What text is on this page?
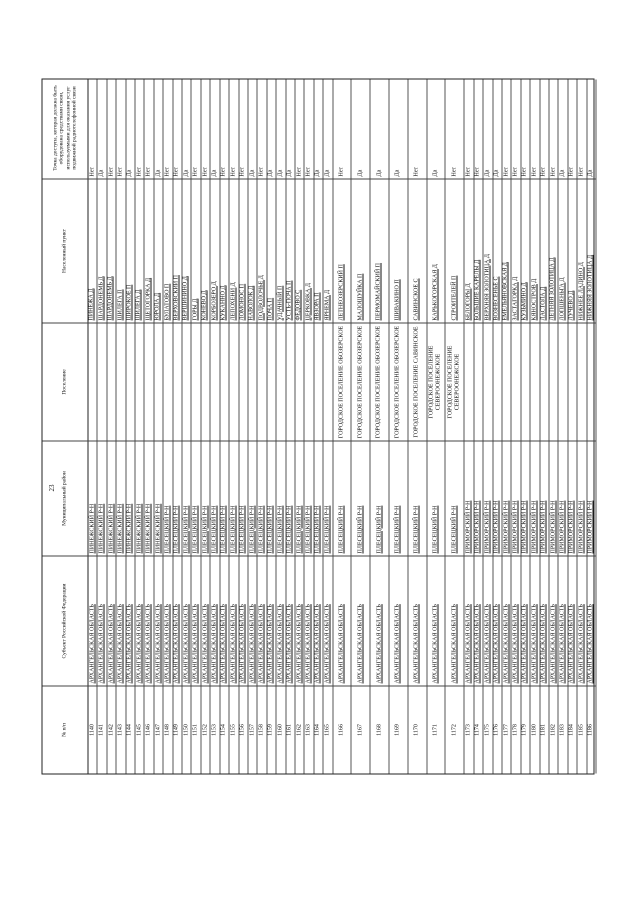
23
№ п/п
Субъект Российской Федерации
Муниципальный район
Поселение
Населенный пункт
Точка доступа, которая должна быть оборудована средствами связи, используемыми для оказания услуг подвижной радиотелефонной связи
1140
АРХАНГЕЛЬСКАЯ ОБЛАСТЬ
ПИНЕЖСКИЙ Р-Н
ПИНЕЖА Д
Нет
1141
АРХАНГЕЛЬСКАЯ ОБЛАСТЬ
ПИНЕЖСКИЙ Р-Н
ШАРДОНЕМЬ Д
Да
1142
АРХАНГЕЛЬСКАЯ ОБЛАСТЬ
ПИНЕЖСКИЙ Р-Н
ШАРДОНЕМЬ Д
Нет
1143
АРХАНГЕЛЬСКАЯ ОБЛАСТЬ
ПИНЕЖСКИЙ Р-Н
ШИЛЕГА П
Нет
1144
АРХАНГЕЛЬСКАЯ ОБЛАСТЬ
ПИНЕЖСКИЙ Р-Н
ШИРОКОЕ П
Да
1145
АРХАНГЕЛЬСКАЯ ОБЛАСТЬ
ПИНЕЖСКИЙ Р-Н
ШИЛЕГА Д
Нет
1146
АРХАНГЕЛЬСКАЯ ОБЛАСТЬ
ПИНЕЖСКИЙ Р-Н
ЩЕТОГОРКА Д
Нет
1147
АРХАНГЕЛЬСКАЯ ОБЛАСТЬ
ПИНЕЖСКИЙ Р-Н
ЮРОЛА Д
Да
1148
АРХАНГЕЛЬСКАЯ ОБЛАСТЬ
ПЛЕСЕЦКИЙ Р-Н
БУЛАТОВО П
Нет
1149
АРХАНГЕЛЬСКАЯ ОБЛАСТЬ
ПЛЕСЕЦКИЙ Р-Н
ВЕРХОВСКИЙ П
Нет
1150
АРХАНГЕЛЬСКАЯ ОБЛАСТЬ
ПЛЕСЕЦКИЙ Р-Н
ВЕРШИНИНО Д
Да
1151
АРХАНГЕЛЬСКАЯ ОБЛАСТЬ
ПЛЕСЕЦКИЙ Р-Н
ГОРЫ Д
Нет
1152
АРХАНГЕЛЬСКАЯ ОБЛАСТЬ
ПЛЕСЕЦКИЙ Р-Н
КОНЕВО Д
Нет
1153
АРХАНГЕЛЬСКАЯ ОБЛАСТЬ
ПЛЕСЕЦКИЙ Р-Н
КОРБОЗЕРО Д
Да
1154
АРХАНГЕЛЬСКАЯ ОБЛАСТЬ
ПЛЕСЕЦКИЙ Р-Н
КУКАННО Д
Нет
1155
АРХАНГЕЛЬСКАЯ ОБЛАСТЬ
ПЛЕСЕЦКИЙ Р-Н
ЛЕПОХЕНИ Д
Нет
1156
АРХАНГЕЛЬСКАЯ ОБЛАСТЬ
ПЛЕСЕЦКИЙ Р-Н
ЛОМОНОС П
Нет
1157
АРХАНГЕЛЬСКАЯ ОБЛАСТЬ
ПЛЕСЕЦКИЙ Р-Н
НАВОЛОК Д
Да
1158
АРХАНГЕЛЬСКАЯ ОБЛАСТЬ
ПЛЕСЕЦКИЙ Р-Н
ПОДВОЛОЧЬЕ Д
Нет
1159
АРХАНГЕЛЬСКАЯ ОБЛАСТЬ
ПЛЕСЕЦКИЙ Р-Н
ПОЧА П
Да
1160
АРХАНГЕЛЬСКАЯ ОБЛАСТЬ
ПЛЕСЕЦКИЙ Р-Н
УДАЧНЫЙ П
Да
1161
АРХАНГЕЛЬСКАЯ ОБЛАСТЬ
ПЛЕСЕЦКИЙ Р-Н
УСТЬ-ПОЧА П
Да
1162
АРХАНГЕЛЬСКАЯ ОБЛАСТЬ
ПЛЕСЕЦКИЙ Р-Н
ФЕДОВО С
Нет
1163
АРХАНГЕЛЬСКАЯ ОБЛАСТЬ
ПЛЕСЕЦКИЙ Р-Н
ЦЕРКОВКА Д
Нет
1164
АРХАНГЕЛЬСКАЯ ОБЛАСТЬ
ПЛЕСЕЦКИЙ Р-Н
ЯВЗОРА П
Да
1165
АРХАНГЕЛЬСКАЯ ОБЛАСТЬ
ПЛЕСЕЦКИЙ Р-Н
ЯРНЕМА Д
Да
1166
АРХАНГЕЛЬСКАЯ ОБЛАСТЬ
ПЛЕСЕЦКИЙ Р-Н
ГОРОДСКОЕ ПОСЕЛЕНИЕ ОБОЗЕРСКОЕ
ЛЕТНЕОЗЕРСКИЙ П
Нет
1167
АРХАНГЕЛЬСКАЯ ОБЛАСТЬ
ПЛЕСЕЦКИЙ Р-Н
ГОРОДСКОЕ ПОСЕЛЕНИЕ ОБОЗЕРСКОЕ
МАЛОШУЙКА П
Да
1168
АРХАНГЕЛЬСКАЯ ОБЛАСТЬ
ПЛЕСЕЦКИЙ Р-Н
ГОРОДСКОЕ ПОСЕЛЕНИЕ ОБОЗЕРСКОЕ
ПЕРМОМАЙСКИЙ П
Да
1169
АРХАНГЕЛЬСКАЯ ОБЛАСТЬ
ПЛЕСЕЦКИЙ Р-Н
ГОРОДСКОЕ ПОСЕЛЕНИЕ ОБОЗЕРСКОЕ
ШИВАКИНО П
Да
1170
АРХАНГЕЛЬСКАЯ ОБЛАСТЬ
ПЛЕСЕЦКИЙ Р-Н
ГОРОДСКОЕ ПОСЕЛЕНИЕ САВИНСКОЕ
САВИНСКОЕ С
Нет
1171
АРХАНГЕЛЬСКАЯ ОБЛАСТЬ
ПЛЕСЕЦКИЙ Р-Н
ГОРОДСКОЕ ПОСЕЛЕНИЕ СЕВЕРООНЕЖСКОЕ
КАРЬКОГОРСКАЯ Д
Да
1172
АРХАНГЕЛЬСКАЯ ОБЛАСТЬ
ПЛЕСЕЦКИЙ Р-Н
ГОРОДСКОЕ ПОСЕЛЕНИЕ СЕВЕРООНЕЖСКОЕ
СТРОИТЕЛЕЙ П
Нет
1173
АРХАНГЕЛЬСКАЯ ОБЛАСТЬ
ПРИМОРСКИЙ Р-Н
БЕЛОГОРЫ Д
Нет
1174
АРХАНГЕЛЬСКАЯ ОБЛАСТЬ
ПРИМОРСКИЙ Р-Н
БОЛЬШИЕ КАРЕЛЫ Д
Нет
1175
АРХАНГЕЛЬСКАЯ ОБЛАСТЬ
ПРИМОРСКИЙ Р-Н
ВЕРХНЯЯ ЗОЛОТИЦА Д
Да
1176
АРХАНГЕЛЬСКАЯ ОБЛАСТЬ
ПРИМОРСКИЙ Р-Н
ВОЗНЕСЕНЬЕ С
Да
1177
АРХАНГЕЛЬСКАЯ ОБЛАСТЬ
ПРИМОРСКИЙ Р-Н
ЕМЕЛЬЯНОВСКАЯ Д
Нет
1178
АРХАНГЕЛЬСКАЯ ОБЛАСТЬ
ПРИМОРСКИЙ Р-Н
ЗАСТАГОРКА Д
Нет
1179
АРХАНГЕЛЬСКАЯ ОБЛАСТЬ
ПРИМОРСКИЙ Р-Н
КУЗЬМИНО Д
Нет
1180
АРХАНГЕЛЬСКАЯ ОБЛАСТЬ
ПРИМОРСКИЙ Р-Н
КЯНОСТРОВ Д
Нет
1181
АРХАНГЕЛЬСКАЯ ОБЛАСТЬ
ПРИМОРСКИЙ Р-Н
ЛАСТОЛА Д
Нет
1182
АРХАНГЕЛЬСКАЯ ОБЛАСТЬ
ПРИМОРСКИЙ Р-Н
ЛЕТНЯЯ ЗОЛОТИЦА Д
Нет
1183
АРХАНГЕЛЬСКАЯ ОБЛАСТЬ
ПРИМОРСКИЙ Р-Н
ЛОПШЕНЬГА Д
Да
1184
АРХАНГЕЛЬСКАЯ ОБЛАСТЬ
ПРИМОРСКИЙ Р-Н
ЛУЧЕВО Д
Нет
1185
АРХАНГЕЛЬСКАЯ ОБЛАСТЬ
ПРИМОРСКИЙ Р-Н
НИЖНЕЕ ЛАДИНО Д
Нет
1186
АРХАНГЕЛЬСКАЯ ОБЛАСТЬ
ПРИМОРСКИЙ Р-Н
НИЖНЯЯ ЗОЛОТИЦА Д
Да
